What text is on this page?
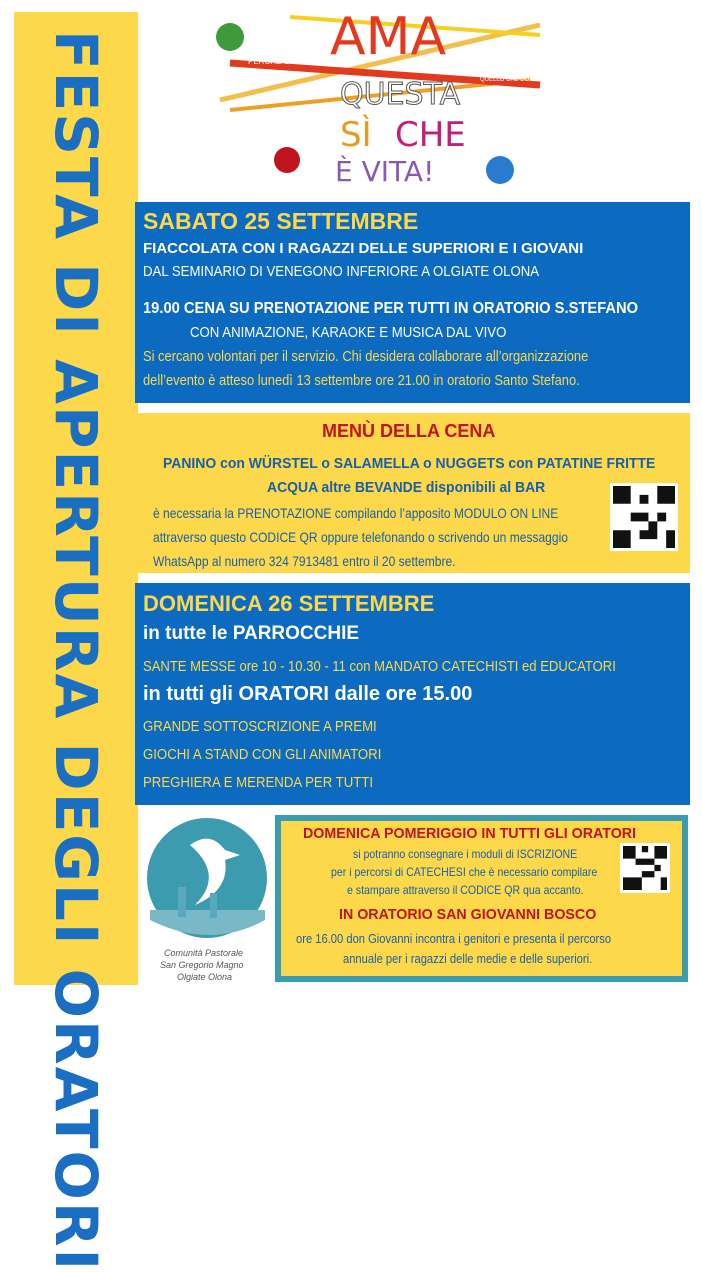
FESTA DI APERTURA DEGLI ORATORI	AMA
PERCHÉ CON CHI
QUELLO CHE DOVE FINCHÉ
QUESTA
SÌ CHE
È VITA!
SABATO 25 SETTEMBRE
FIACCOLATA CON I RAGAZZI DELLE SUPERIORI E I GIOVANI
DAL SEMINARIO DI VENEGONO INFERIORE A OLGIATE OLONA
19.00 CENA SU PRENOTAZIONE PER TUTTI IN ORATORIO S.STEFANO
CON ANIMAZIONE, KARAOKE E MUSICA DAL VIVO
Si cercano volontari per il servizio. Chi desidera collaborare all’organizzazione
dell’evento è atteso lunedì 13 settembre ore 21.00 in oratorio Santo Stefano.
MENÙ DELLA CENA
PANINO con WÜRSTEL o SALAMELLA o NUGGETS con PATATINE FRITTE
ACQUA altre BEVANDE disponibili al BAR
è necessaria la PRENOTAZIONE compilando l’apposito MODULO ON LINE
attraverso questo CODICE QR oppure telefonando o scrivendo un messaggio
WhatsApp al numero 324 7913481 entro il 20 settembre.
DOMENICA 26 SETTEMBRE
in tutte le PARROCCHIE
SANTE MESSE ore 10 - 10.30 - 11 con MANDATO CATECHISTI ed EDUCATORI
in tutti gli ORATORI dalle ore 15.00
GRANDE SOTTOSCRIZIONE A PREMI
GIOCHI A STAND CON GLI ANIMATORI
PREGHIERA E MERENDA PER TUTTI
Comunità Pastorale
San Gregorio Magno
Olgiate Olona
DOMENICA POMERIGGIO IN TUTTI GLI ORATORI
si potranno consegnare i moduli di ISCRIZIONE
per i percorsi di CATECHESI che è necessario compilare
e stampare attraverso il CODICE QR qua accanto.
IN ORATORIO SAN GIOVANNI BOSCO
ore 16.00 don Giovanni incontra i genitori e presenta il percorso
annuale per i ragazzi delle medie e delle superiori.
